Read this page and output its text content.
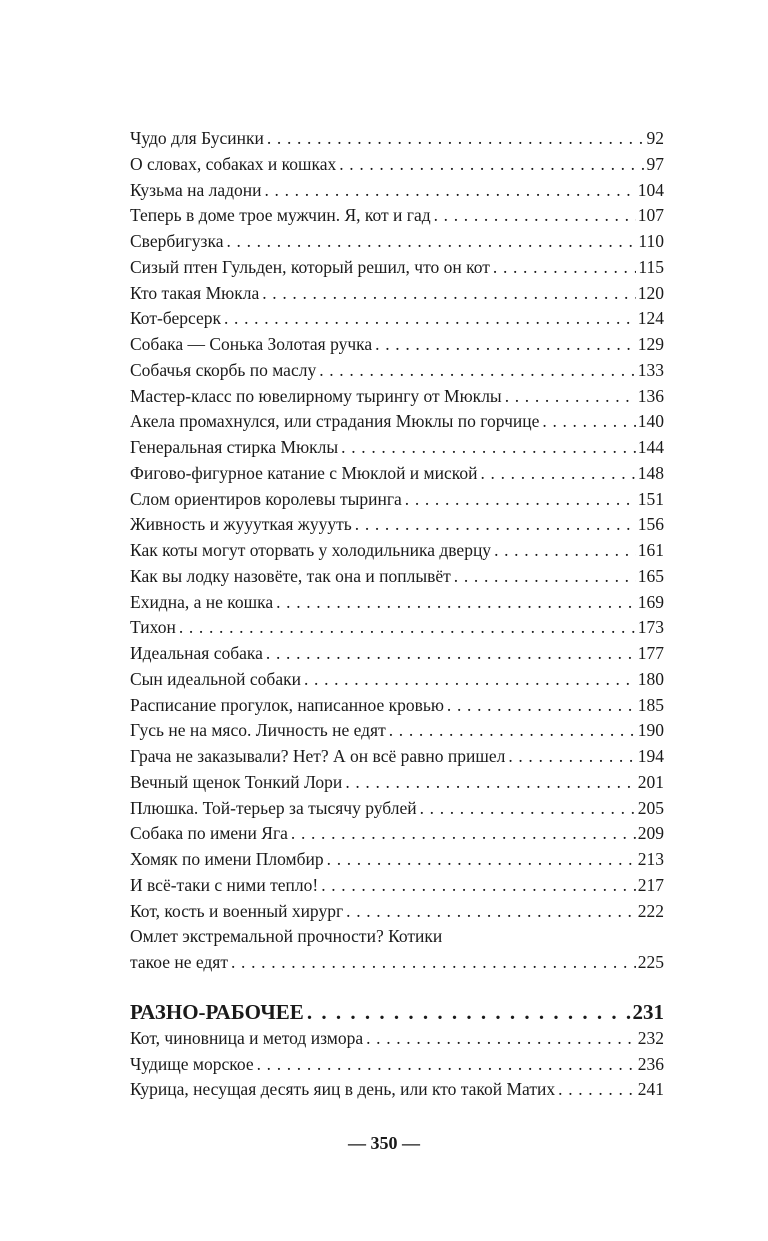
Чудо для Бусинки . . .	92
О словах, собаках и кошках . . .	97
Кузьма на ладони . . .	104
Теперь в доме трое мужчин. Я, кот и гад . . .	107
Свербигузка . . .	110
Сизый птен Гульден, который решил, что он кот . . .	115
Кто такая Мюкла . . .	120
Кот-берсерк . . .	124
Собака — Сонька Золотая ручка . . .	129
Собачья скорбь по маслу . . .	133
Мастер-класс по ювелирному тырингу от Мюклы . . .	136
Акела промахнулся, или страдания Мюклы по горчице . . .	140
Генеральная стирка Мюклы . . .	144
Фигово-фигурное катание с Мюклой и миской . . .	148
Слом ориентиров королевы тыринга . . .	151
Живность и жуууткая жуууть . . .	156
Как коты могут оторвать у холодильника дверцу . . .	161
Как вы лодку назовёте, так она и поплывёт . . .	165
Ехидна, а не кошка . . .	169
Тихон . . .	173
Идеальная собака . . .	177
Сын идеальной собаки . . .	180
Расписание прогулок, написанное кровью . . .	185
Гусь не на мясо. Личность не едят . . .	190
Грача не заказывали? Нет? А он всё равно пришел . . .	194
Вечный щенок Тонкий Лори . . .	201
Плюшка. Той-терьер за тысячу рублей . . .	205
Собака по имени Яга . . .	209
Хомяк по имени Пломбир . . .	213
И всё-таки с ними тепло! . . .	217
Кот, кость и военный хирург . . .	222
Омлет экстремальной прочности? Котики
такое не едят . . .	225
РАЗНО-РАБОЧЕЕ . . .	231
Кот, чиновница и метод измора . . .	232
Чудище морское . . .	236
Курица, несущая десять яиц в день, или кто такой Матих . . .	241
— 350 —
